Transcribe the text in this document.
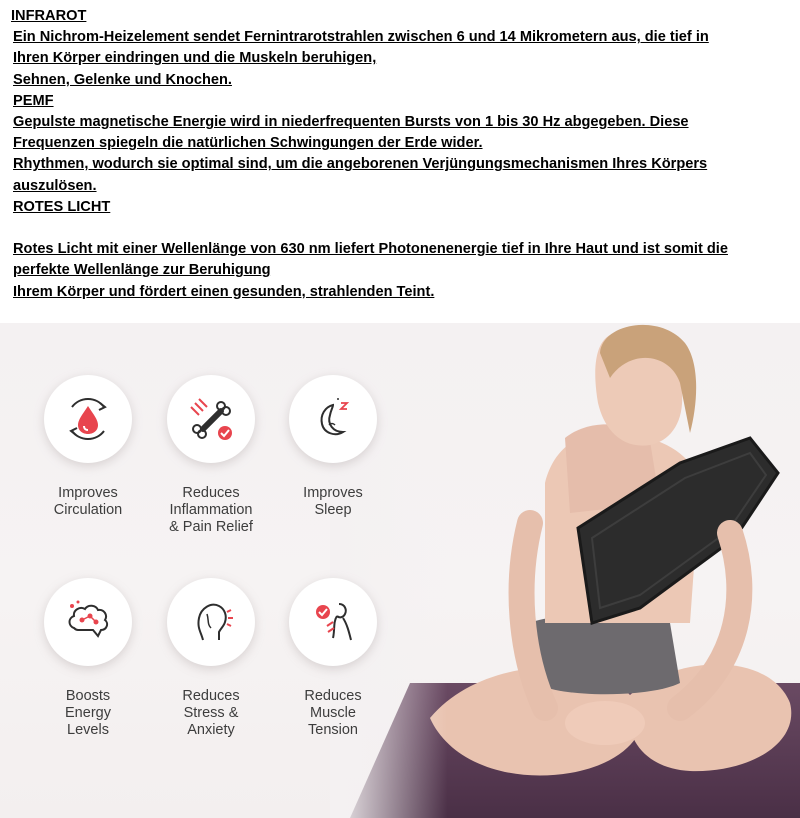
INFRAROT
Ein Nichrom-Heizelement sendet Fernintrarotstrahlen zwischen 6 und 14 Mikrometern aus, die tief in
Ihren Körper eindringen und die Muskeln beruhigen,
Sehnen, Gelenke und Knochen.
PEMF
Gepulste magnetische Energie wird in niederfrequenten Bursts von 1 bis 30 Hz abgegeben. Diese
Frequenzen spiegeln die natürlichen Schwingungen der Erde wider.
Rhythmen, wodurch sie optimal sind, um die angeborenen Verjüngungsmechanismen Ihres Körpers
auszulösen.
ROTES LICHT
Rotes Licht mit einer Wellenlänge von 630 nm liefert Photonenenergie tief in Ihre Haut und ist somit die
perfekte Wellenlänge zur Beruhigung
Ihrem Körper und fördert einen gesunden, strahlenden Teint.
Improves
Circulation
Reduces
Inflammation
& Pain Relief
Improves
Sleep
Boosts
Energy
Levels
Reduces
Stress &
Anxiety
Reduces
Muscle
Tension
